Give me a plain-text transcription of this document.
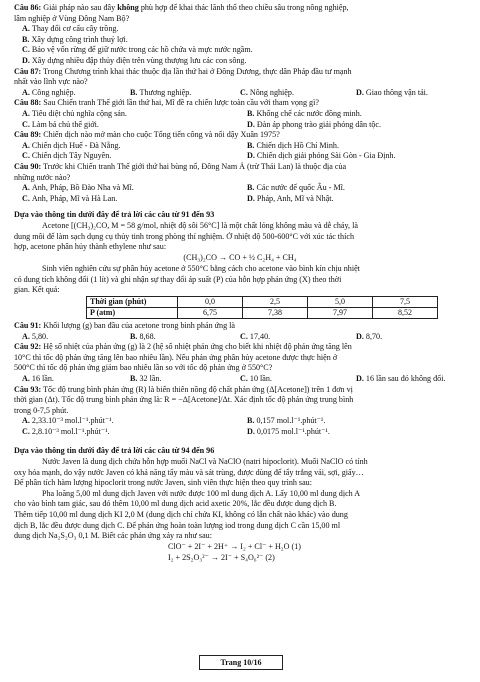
Câu 86: Giải pháp nào sau đây không phù hợp để khai thác lãnh thổ theo chiều sâu trong nông nghiệp,
lâm nghiệp ở Vùng Đông Nam Bộ?
A. Thay đổi cơ cấu cây trồng.
B. Xây dựng công trình thuỷ lợi.
C. Bảo vệ vốn rừng để giữ nước trong các hồ chứa và mực nước ngầm.
D. Xây dựng nhiều đập thủy điện trên vùng thượng lưu các con sông.
Câu 87: Trong Chương trình khai thác thuộc địa lần thứ hai ở Đông Dương, thực dân Pháp đầu tư mạnh
nhất vào lĩnh vực nào?
A. Công nghiệp.	B. Thương nghiệp.	C. Nông nghiệp.	D. Giao thông vận tải.
Câu 88: Sau Chiến tranh Thế giới lần thứ hai, Mĩ đề ra chiến lược toàn cầu với tham vọng gì?
A. Tiêu diệt chủ nghĩa cộng sản.	B. Khống chế các nước đồng minh.
C. Làm bá chủ thế giới.	D. Đàn áp phong trào giải phóng dân tộc.
Câu 89: Chiến dịch nào mở màn cho cuộc Tổng tiến công và nổi dậy Xuân 1975?
A. Chiến dịch Huế - Đà Nẵng.	B. Chiến dịch Hồ Chí Minh.
C. Chiến dịch Tây Nguyên.	D. Chiến dịch giải phóng Sài Gòn - Gia Định.
Câu 90: Trước khi Chiến tranh Thế giới thứ hai bùng nổ, Đông Nam Á (trừ Thái Lan) là thuộc địa của
những nước nào?
A. Anh, Pháp, Bồ Đào Nha và Mĩ.	B. Các nước để quốc Âu - Mĩ.
C. Anh, Pháp, Mĩ và Hà Lan.	D. Pháp, Anh, Mĩ và Nhật.
Dựa vào thông tin dưới đây để trả lời các câu từ 91 đến 93
Acetone [(CH₃)₂CO, M = 58 g/mol, nhiệt độ sôi 56°C] là một chất lỏng không màu và dễ cháy, là
dung môi để làm sạch dụng cụ thủy tinh trong phòng thí nghiệm. Ở nhiệt độ 500-600°C với xúc tác thích
hợp, acetone phân hủy thành ethylene như sau:
(CH₃)₂CO → CO + ½ C₂H₄ + CH₄
Sinh viên nghiên cứu sự phân hủy acetone ở 550°C bằng cách cho acetone vào bình kín chịu nhiệt
có dung tích không đổi (1 lít) và ghi nhận sự thay đổi áp suất (P) của hỗn hợp phản ứng (X) theo thời
gian. Kết quả:
Thời gian (phút)	0,0	2,5	5,0	7,5
P (atm)	6,75	7,38	7,97	8,52
Câu 91: Khối lượng (g) ban đầu của acetone trong bình phản ứng là
A. 5,80.	B. 8,68.	C. 17,40.	D. 8,70.
Câu 92: Hệ số nhiệt của phản ứng (g) là 2 (hệ số nhiệt phản ứng cho biết khi nhiệt độ phản ứng tăng lên
10°C thì tốc độ phản ứng tăng lên bao nhiêu lần). Nếu phản ứng phân hủy acetone được thực hiện ở
500°C thì tốc độ phản ứng giảm bao nhiêu lần so với tốc độ phản ứng ở 550°C?
A. 16 lần.	B. 32 lần.	C. 10 lần.	D. 16 lần sau đó không đổi.
Câu 93: Tốc độ trung bình phản ứng (R) là biến thiên nồng độ chất phản ứng (Δ[Acetone]) trên 1 đơn vị
thời gian (Δt). Tốc độ trung bình phản ứng là: R = −Δ[Acetone]/Δt. Xác định tốc độ phản ứng trung bình
trong 0-7,5 phút.
A. 2,33.10⁻³ mol.l⁻¹.phút⁻¹.	B. 0,157 mol.l⁻¹.phút⁻¹.
C. 2,8.10⁻³ mol.l⁻¹.phút⁻¹.	D. 0,0175 mol.l⁻¹.phút⁻¹.
Dựa vào thông tin dưới đây để trả lời các câu từ 94 đến 96
Nước Javen là dung dịch chứa hỗn hợp muối NaCl và NaClO (natri hipoclorit). Muối NaClO có tính
oxy hóa mạnh, do vậy nước Javen có khả năng tẩy màu và sát trùng, được dùng để tẩy trắng vải, sợi, giấy…
Để phân tích hàm lượng hipoclorit trong nước Javen, sinh viên thực hiện theo quy trình sau:
Pha loãng 5,00 ml dung dịch Javen với nước được 100 ml dung dịch A. Lấy 10,00 ml dung dịch A
cho vào bình tam giác, sau đó thêm 10,00 ml dung dịch acid axetic 20%, lắc đều được dung dịch B.
Thêm tiếp 10,00 ml dung dịch KI 2,0 M (dung dịch chỉ chứa KI, không có lẫn chất nào khác) vào dung
dịch B, lắc đều được dung dịch C. Để phản ứng hoàn toàn lượng iod trong dung dịch C cần 15,00 ml
dung dịch Na₂S₂O₃ 0,1 M. Biết các phản ứng xảy ra như sau:
ClO⁻ + 2I⁻ + 2H⁺ → I₂ + Cl⁻ + H₂O (1)
I₂ + 2S₂O₃²⁻ → 2I⁻ + S₄O₆²⁻ (2)
Trang 10/16
